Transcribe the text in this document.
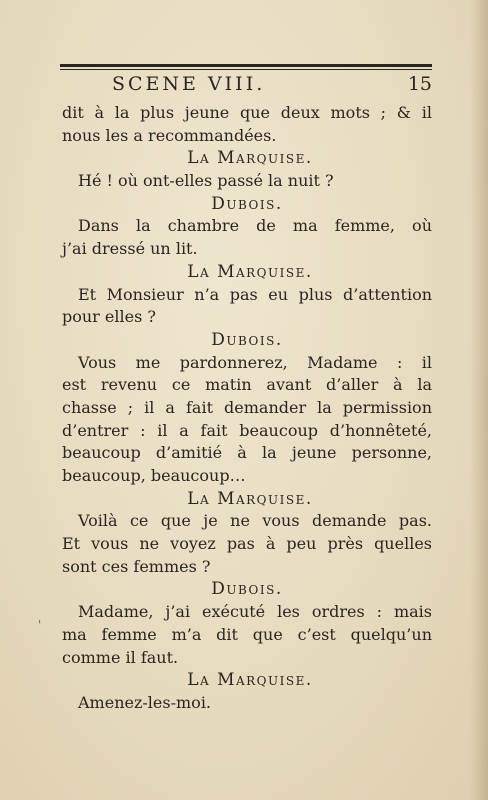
SCENE VIII.	15
dit à la plus jeune que deux mots ; & il
nous les a recommandées.
La Marquise.
Hé ! où ont-elles passé la nuit ?
Dubois.
Dans la chambre de ma femme, où
j’ai dressé un lit.
La Marquise.
Et Monsieur n’a pas eu plus d’attention
pour elles ?
Dubois.
Vous me pardonnerez, Madame : il
est revenu ce matin avant d’aller à la
chasse ; il a fait demander la permission
d’entrer : il a fait beaucoup d’honnêteté,
beaucoup d’amitié à la jeune personne,
beaucoup, beaucoup…
La Marquise.
Voilà ce que je ne vous demande pas.
Et vous ne voyez pas à peu près quelles
sont ces femmes ?
Dubois.
Madame, j’ai exécuté les ordres : mais
ma femme m’a dit que c’est quelqu’un
comme il faut.
La Marquise.
Amenez-les-moi.
'
